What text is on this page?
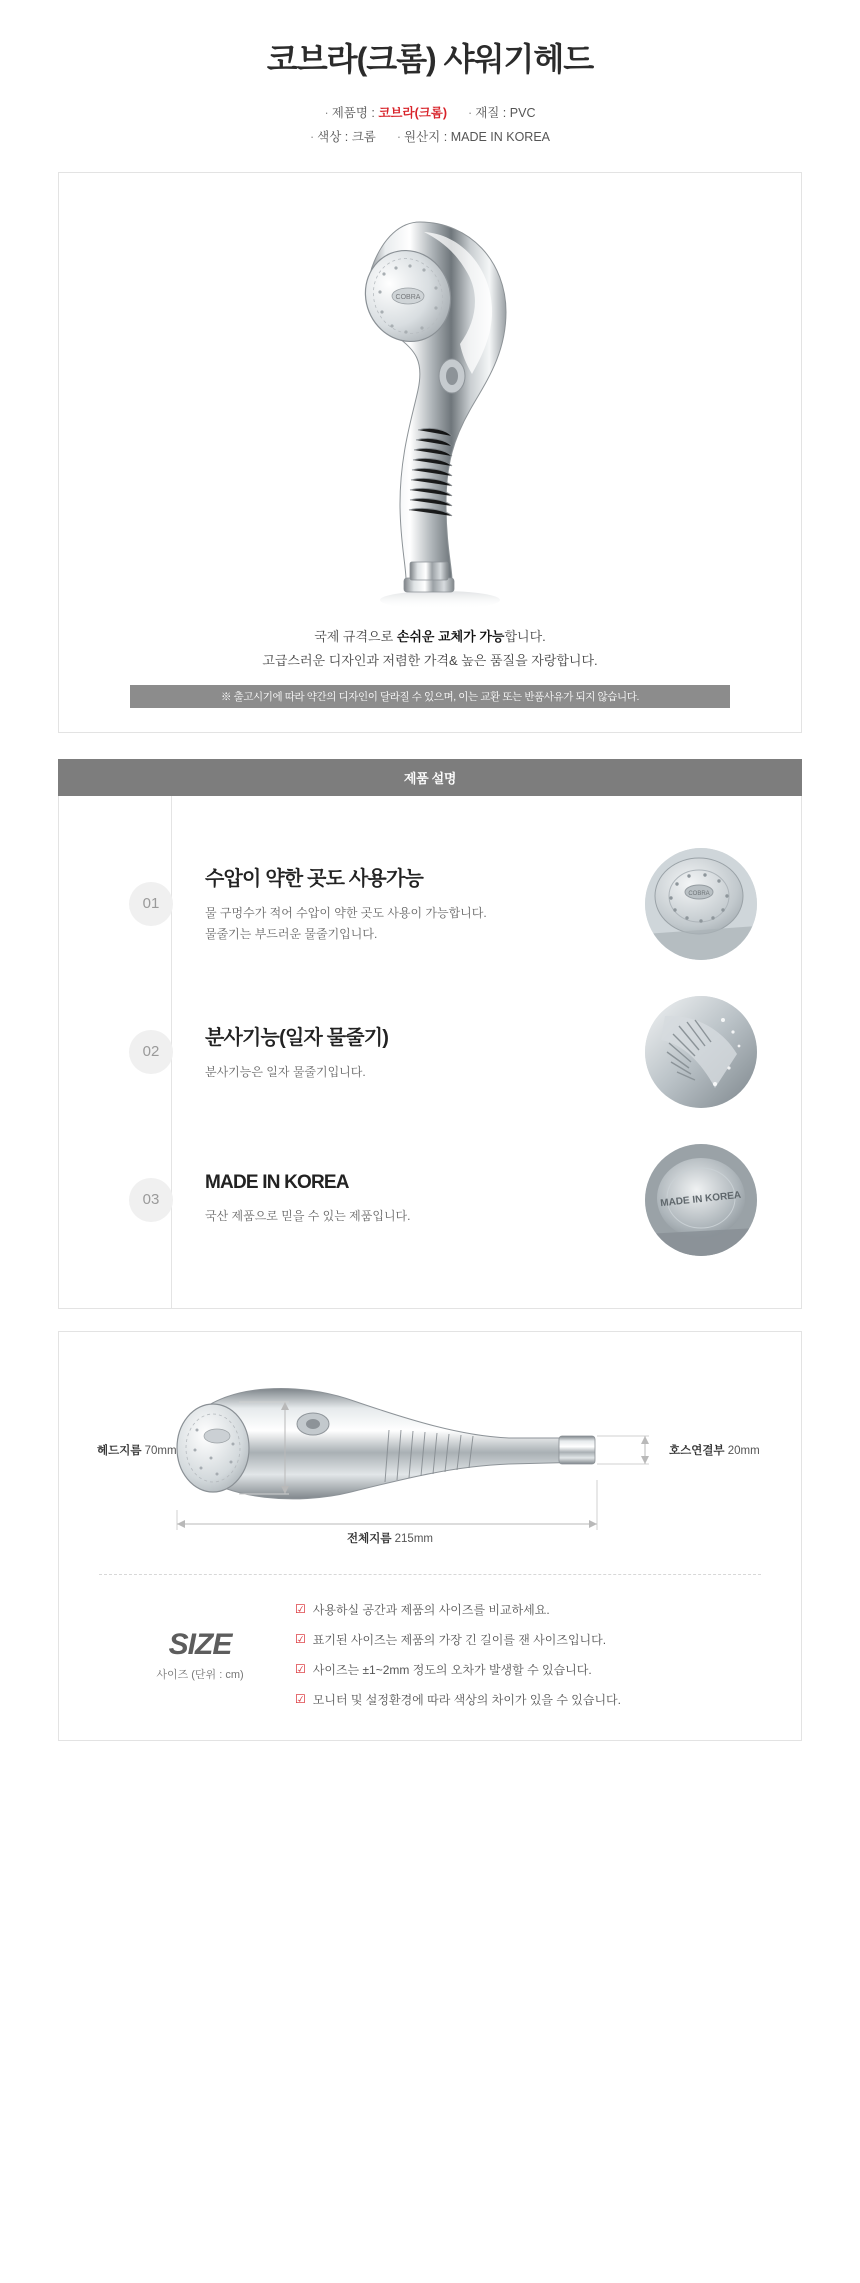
코브라(크롬) 샤워기헤드
· 제품명 : 코브라(크롬) · 재질 : PVC
· 색상 : 크롬 · 원산지 : MADE IN KOREA
COBRA
국제 규격으로 손쉬운 교체가 가능합니다.
고급스러운 디자인과 저렴한 가격& 높은 품질을 자랑합니다.
※ 출고시기에 따라 약간의 디자인이 달라질 수 있으며, 이는 교환 또는 반품사유가 되지 않습니다.
제품 설명
01
수압이 약한 곳도 사용가능
물 구멍수가 적어 수압이 약한 곳도 사용이 가능합니다.
물줄기는 부드러운 물줄기입니다.
COBRA
02
분사기능(일자 물줄기)
분사기능은 일자 물줄기입니다.
03
MADE IN KOREA
국산 제품으로 믿을 수 있는 제품입니다.
MADE IN KOREA
헤드지름 70mm	호스연결부 20mm
전체지름 215mm
SIZE
사이즈 (단위 : cm)
☑ 사용하실 공간과 제품의 사이즈를 비교하세요.
☑ 표기된 사이즈는 제품의 가장 긴 길이를 잰 사이즈입니다.
☑ 사이즈는 ±1~2mm 정도의 오차가 발생할 수 있습니다.
☑ 모니터 및 설정환경에 따라 색상의 차이가 있을 수 있습니다.
